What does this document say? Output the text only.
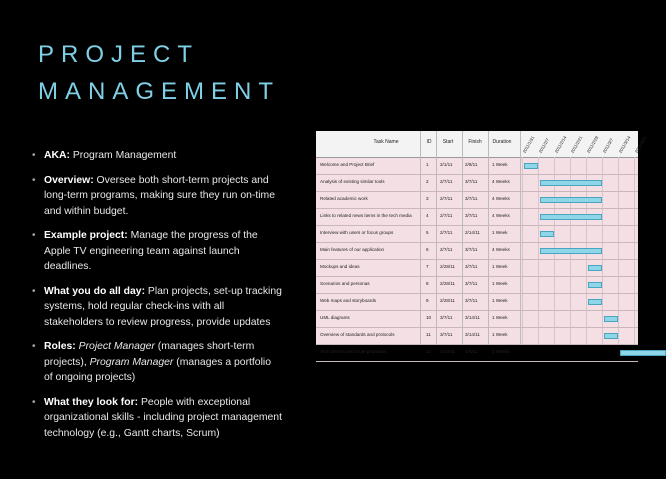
PROJECT
MANAGEMENT
• AKA: Program Management
• Overview: Oversee both short-term projects and long-term programs, making sure they run on-time and within budget.
• Example project: Manage the progress of the Apple TV engineering team against launch deadlines.
• What you do all day: Plan projects, set-up tracking systems, hold regular check-ins with all stakeholders to review progress, provide updates
• Roles: Project Manager (manages short-term projects), Program Manager (manages a portfolio of ongoing projects)
• What they look for: People with exceptional organizational skills - including project management technology (e.g., Gantt charts, Scrum)
Task Name	ID	Start	Finish	Duration	2011/1/31 2011/2/7 2011/2/14 2011/2/21 2011/2/28 2011/3/7 2011/3/14 2011/3/21
Welcome and Project Brief	1 2/1/11	2/8/11	1 Week
Analysis of existing similar tools	2 2/7/11	3/7/11	4 Weeks
Related academic work	3 2/7/11	3/7/11	4 Weeks
Links to related news items in the tech media	4 2/7/11	3/7/11	4 Weeks
Interview with users or focus groups	5 2/7/11	2/14/11	1 Week
Main features of our application	6 2/7/11	3/7/11	4 Weeks
Mockups and ideas	7 2/28/11 3/7/11	1 Week
Scenarios and personas	8 2/28/11 3/7/11	1 Week
Web maps and storyboards	9 2/28/11 3/7/11	1 Week
UML diagrams	10 3/7/11	3/14/11	1 Week
Overview of standards and protocols	11 3/7/11	3/14/11	1 Week
Tech demos and route proposals	12 3/14/11 4/4/11	3 Weeks
